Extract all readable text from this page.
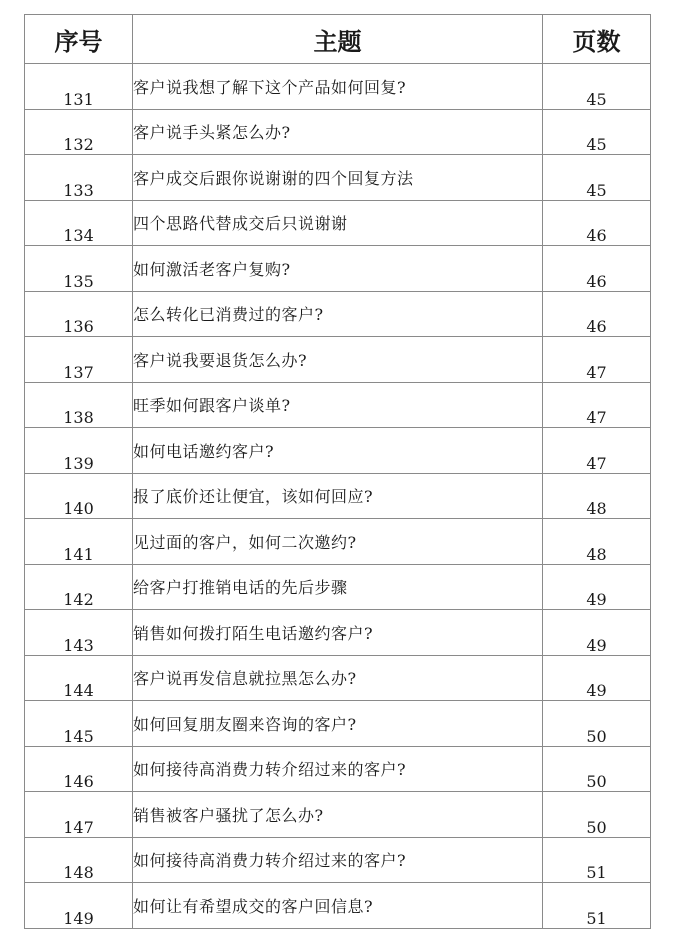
序号	主题	页数
131	客户说我想了解下这个产品如何回复?	45
132	客户说手头紧怎么办?	45
133	客户成交后跟你说谢谢的四个回复方法	45
134	四个思路代替成交后只说谢谢	46
135	如何激活老客户复购?	46
136	怎么转化已消费过的客户?	46
137	客户说我要退货怎么办?	47
138	旺季如何跟客户谈单?	47
139	如何电话邀约客户?	47
140	报了底价还让便宜，该如何回应?	48
141	见过面的客户，如何二次邀约?	48
142	给客户打推销电话的先后步骤	49
143	销售如何拨打陌生电话邀约客户?	49
144	客户说再发信息就拉黑怎么办?	49
145	如何回复朋友圈来咨询的客户?	50
146	如何接待高消费力转介绍过来的客户?	50
147	销售被客户骚扰了怎么办?	50
148	如何接待高消费力转介绍过来的客户?	51
149	如何让有希望成交的客户回信息?	51
